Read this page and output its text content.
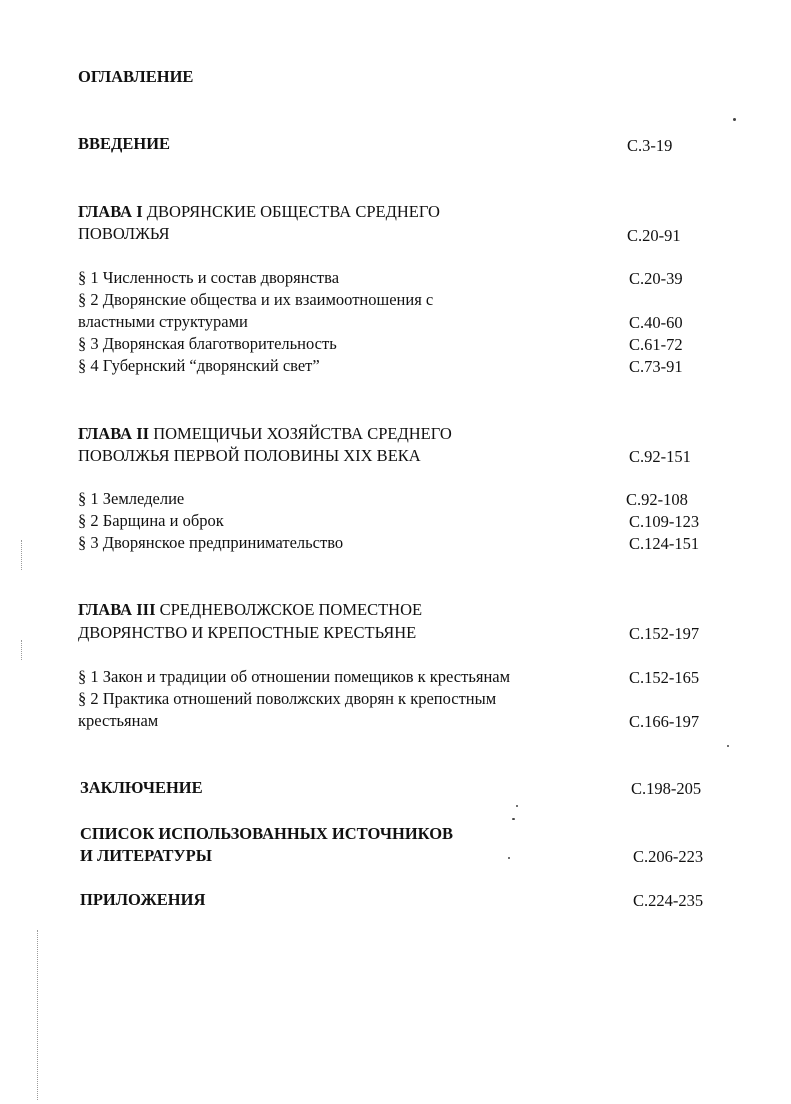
ОГЛАВЛЕНИЕ
ВВЕДЕНИЕ	С.3-19
ГЛАВА I ДВОРЯНСКИЕ ОБЩЕСТВА СРЕДНЕГО
ПОВОЛЖЬЯ	С.20-91
§ 1 Численность и состав дворянства	С.20-39
§ 2 Дворянские общества и их взаимоотношения с
властными структурами	С.40-60
§ 3 Дворянская благотворительность	С.61-72
§ 4 Губернский “дворянский свет”	С.73-91
ГЛАВА II ПОМЕЩИЧЬИ ХОЗЯЙСТВА СРЕДНЕГО
ПОВОЛЖЬЯ ПЕРВОЙ ПОЛОВИНЫ XIX ВЕКА	С.92-151
§ 1 Земледелие	С.92-108
§ 2 Барщина и оброк	С.109-123
§ 3 Дворянское предпринимательство	С.124-151
ГЛАВА III СРЕДНЕВОЛЖСКОЕ ПОМЕСТНОЕ
ДВОРЯНСТВО И КРЕПОСТНЫЕ КРЕСТЬЯНЕ	С.152-197
§ 1 Закон и традиции об отношении помещиков к крестьянам	С.152-165
§ 2 Практика отношений поволжских дворян к крепостным
крестьянам	С.166-197
ЗАКЛЮЧЕНИЕ	С.198-205
СПИСОК ИСПОЛЬЗОВАННЫХ ИСТОЧНИКОВ
И ЛИТЕРАТУРЫ	С.206-223
ПРИЛОЖЕНИЯ	С.224-235
